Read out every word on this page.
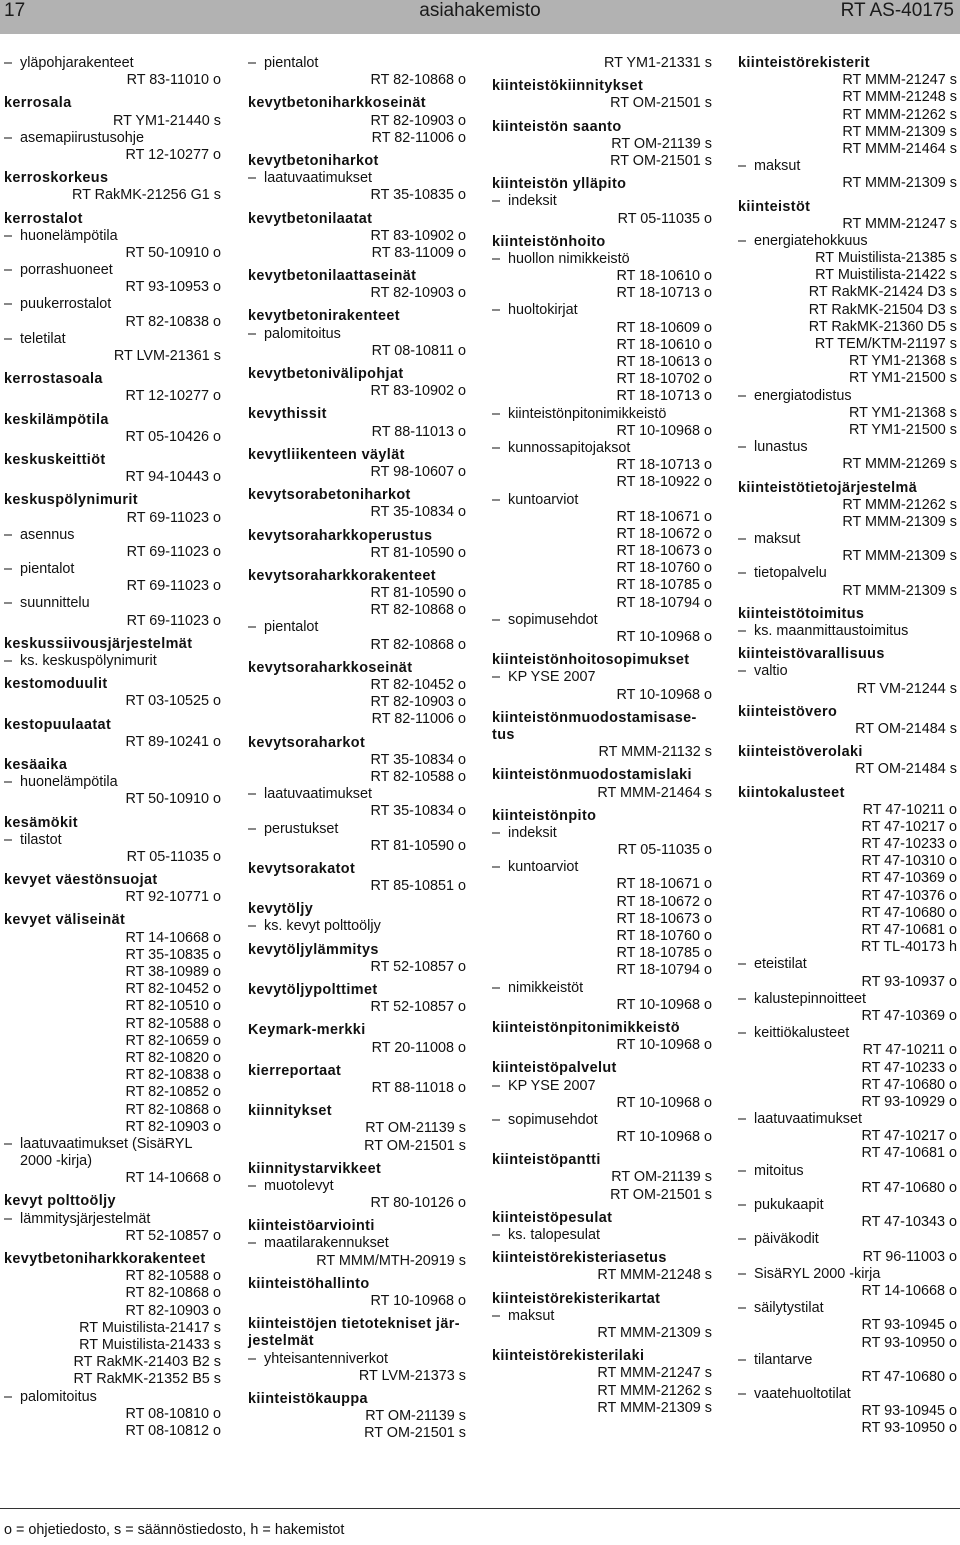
17	asiahakemisto	RT AS-40175
– yläpohjarakenteet
RT 83-11010 o
kerrosala
RT YM1-21440 s
– asemapiirustusohje
RT 12-10277 o
kerroskorkeus
RT RakMK-21256 G1 s
kerrostalot
– huonelämpötila
RT 50-10910 o
– porrashuoneet
RT 93-10953 o
– puukerrostalot
RT 82-10838 o
– teletilat
RT LVM-21361 s
kerrostasoala
RT 12-10277 o
keskilämpötila
RT 05-10426 o
keskuskeittiöt
RT 94-10443 o
keskuspölynimurit
RT 69-11023 o
– asennus
RT 69-11023 o
– pientalot
RT 69-11023 o
– suunnittelu
RT 69-11023 o
keskussiivousjärjestelmät
– ks. keskuspölynimurit
kestomoduulit
RT 03-10525 o
kestopuulaatat
RT 89-10241 o
kesäaika
– huonelämpötila
RT 50-10910 o
kesämökit
– tilastot
RT 05-11035 o
kevyet väestönsuojat
RT 92-10771 o
kevyet väliseinät
RT 14-10668 o
RT 35-10835 o
RT 38-10989 o
RT 82-10452 o
RT 82-10510 o
RT 82-10588 o
RT 82-10659 o
RT 82-10820 o
RT 82-10838 o
RT 82-10852 o
RT 82-10868 o
RT 82-10903 o
– laatuvaatimukset (SisäRYL
2000 -kirja)
RT 14-10668 o
kevyt polttoöljy
– lämmitysjärjestelmät
RT 52-10857 o
kevytbetoniharkkorakenteet
RT 82-10588 o
RT 82-10868 o
RT 82-10903 o
RT Muistilista-21417 s
RT Muistilista-21433 s
RT RakMK-21403 B2 s
RT RakMK-21352 B5 s
– palomitoitus
RT 08-10810 o
RT 08-10812 o
– pientalot
RT 82-10868 o
kevytbetoniharkkoseinät
RT 82-10903 o
RT 82-11006 o
kevytbetoniharkot
– laatuvaatimukset
RT 35-10835 o
kevytbetonilaatat
RT 83-10902 o
RT 83-11009 o
kevytbetonilaattaseinät
RT 82-10903 o
kevytbetonirakenteet
– palomitoitus
RT 08-10811 o
kevytbetonivälipohjat
RT 83-10902 o
kevythissit
RT 88-11013 o
kevytliikenteen väylät
RT 98-10607 o
kevytsorabetoniharkot
RT 35-10834 o
kevytsoraharkkoperustus
RT 81-10590 o
kevytsoraharkkorakenteet
RT 81-10590 o
RT 82-10868 o
– pientalot
RT 82-10868 o
kevytsoraharkkoseinät
RT 82-10452 o
RT 82-10903 o
RT 82-11006 o
kevytsoraharkot
RT 35-10834 o
RT 82-10588 o
– laatuvaatimukset
RT 35-10834 o
– perustukset
RT 81-10590 o
kevytsorakatot
RT 85-10851 o
kevytöljy
– ks. kevyt polttoöljy
kevytöljylämmitys
RT 52-10857 o
kevytöljypolttimet
RT 52-10857 o
Keymark-merkki
RT 20-11008 o
kierreportaat
RT 88-11018 o
kiinnitykset
RT OM-21139 s
RT OM-21501 s
kiinnitystarvikkeet
– muotolevyt
RT 80-10126 o
kiinteistöarviointi
– maatilarakennukset
RT MMM/MTH-20919 s
kiinteistöhallinto
RT 10-10968 o
kiinteistöjen tietotekniset jär-
jestelmät
– yhteisantenniverkot
RT LVM-21373 s
kiinteistökauppa
RT OM-21139 s
RT OM-21501 s
RT YM1-21331 s
kiinteistökiinnitykset
RT OM-21501 s
kiinteistön saanto
RT OM-21139 s
RT OM-21501 s
kiinteistön ylläpito
– indeksit
RT 05-11035 o
kiinteistönhoito
– huollon nimikkeistö
RT 18-10610 o
RT 18-10713 o
– huoltokirjat
RT 18-10609 o
RT 18-10610 o
RT 18-10613 o
RT 18-10702 o
RT 18-10713 o
– kiinteistönpitonimikkeistö
RT 10-10968 o
– kunnossapitojaksot
RT 18-10713 o
RT 18-10922 o
– kuntoarviot
RT 18-10671 o
RT 18-10672 o
RT 18-10673 o
RT 18-10760 o
RT 18-10785 o
RT 18-10794 o
– sopimusehdot
RT 10-10968 o
kiinteistönhoitosopimukset
– KP YSE 2007
RT 10-10968 o
kiinteistönmuodostamisase-
tus
RT MMM-21132 s
kiinteistönmuodostamislaki
RT MMM-21464 s
kiinteistönpito
– indeksit
RT 05-11035 o
– kuntoarviot
RT 18-10671 o
RT 18-10672 o
RT 18-10673 o
RT 18-10760 o
RT 18-10785 o
RT 18-10794 o
– nimikkeistöt
RT 10-10968 o
kiinteistönpitonimikkeistö
RT 10-10968 o
kiinteistöpalvelut
– KP YSE 2007
RT 10-10968 o
– sopimusehdot
RT 10-10968 o
kiinteistöpantti
RT OM-21139 s
RT OM-21501 s
kiinteistöpesulat
– ks. talopesulat
kiinteistörekisteriasetus
RT MMM-21248 s
kiinteistörekisterikartat
– maksut
RT MMM-21309 s
kiinteistörekisterilaki
RT MMM-21247 s
RT MMM-21262 s
RT MMM-21309 s
kiinteistörekisterit
RT MMM-21247 s
RT MMM-21248 s
RT MMM-21262 s
RT MMM-21309 s
RT MMM-21464 s
– maksut
RT MMM-21309 s
kiinteistöt
RT MMM-21247 s
– energiatehokkuus
RT Muistilista-21385 s
RT Muistilista-21422 s
RT RakMK-21424 D3 s
RT RakMK-21504 D3 s
RT RakMK-21360 D5 s
RT TEM/KTM-21197 s
RT YM1-21368 s
RT YM1-21500 s
– energiatodistus
RT YM1-21368 s
RT YM1-21500 s
– lunastus
RT MMM-21269 s
kiinteistötietojärjestelmä
RT MMM-21262 s
RT MMM-21309 s
– maksut
RT MMM-21309 s
– tietopalvelu
RT MMM-21309 s
kiinteistötoimitus
– ks. maanmittaustoimitus
kiinteistövarallisuus
– valtio
RT VM-21244 s
kiinteistövero
RT OM-21484 s
kiinteistöverolaki
RT OM-21484 s
kiintokalusteet
RT 47-10211 o
RT 47-10217 o
RT 47-10233 o
RT 47-10310 o
RT 47-10369 o
RT 47-10376 o
RT 47-10680 o
RT 47-10681 o
RT TL-40173 h
– eteistilat
RT 93-10937 o
– kalustepinnoitteet
RT 47-10369 o
– keittiökalusteet
RT 47-10211 o
RT 47-10233 o
RT 47-10680 o
RT 93-10929 o
– laatuvaatimukset
RT 47-10217 o
RT 47-10681 o
– mitoitus
RT 47-10680 o
– pukukaapit
RT 47-10343 o
– päiväkodit
RT 96-11003 o
– SisäRYL 2000 -kirja
RT 14-10668 o
– säilytystilat
RT 93-10945 o
RT 93-10950 o
– tilantarve
RT 47-10680 o
– vaatehuoltotilat
RT 93-10945 o
RT 93-10950 o
o = ohjetiedosto, s = säännöstiedosto, h = hakemistot
